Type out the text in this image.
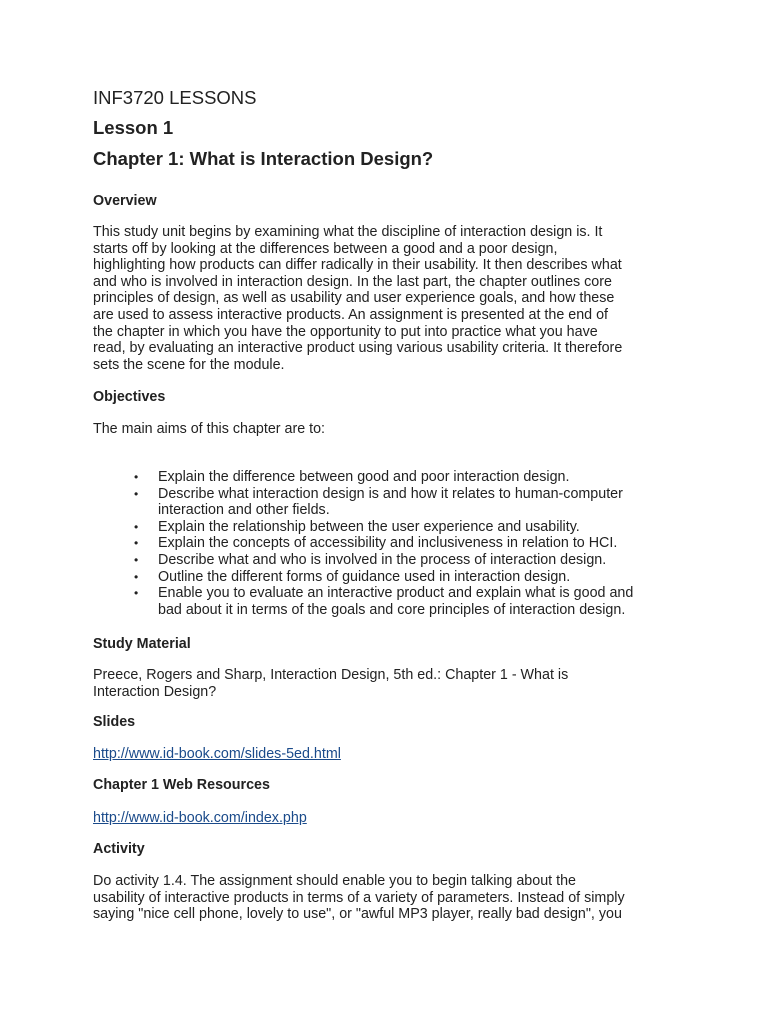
INF3720 LESSONS

Lesson 1

Chapter 1: What is Interaction Design?

Overview

This study unit begins by examining what the discipline of interaction design is. It
starts off by looking at the differences between a good and a poor design,
highlighting how products can differ radically in their usability. It then describes what
and who is involved in interaction design. In the last part, the chapter outlines core
principles of design, as well as usability and user experience goals, and how these
are used to assess interactive products. An assignment is presented at the end of
the chapter in which you have the opportunity to put into practice what you have
read, by evaluating an interactive product using various usability criteria. It therefore
sets the scene for the module.

Objectives

The main aims of this chapter are to:

• Explain the difference between good and poor interaction design.
• Describe what interaction design is and how it relates to human-computer
interaction and other fields.
• Explain the relationship between the user experience and usability.
• Explain the concepts of accessibility and inclusiveness in relation to HCI.
• Describe what and who is involved in the process of interaction design.
• Outline the different forms of guidance used in interaction design.
• Enable you to evaluate an interactive product and explain what is good and
bad about it in terms of the goals and core principles of interaction design.

Study Material

Preece, Rogers and Sharp, Interaction Design, 5th ed.: Chapter 1 - What is
Interaction Design?

Slides

http://www.id-book.com/slides-5ed.html

Chapter 1 Web Resources

http://www.id-book.com/index.php

Activity

Do activity 1.4. The assignment should enable you to begin talking about the
usability of interactive products in terms of a variety of parameters. Instead of simply
saying "nice cell phone, lovely to use", or "awful MP3 player, really bad design", you
